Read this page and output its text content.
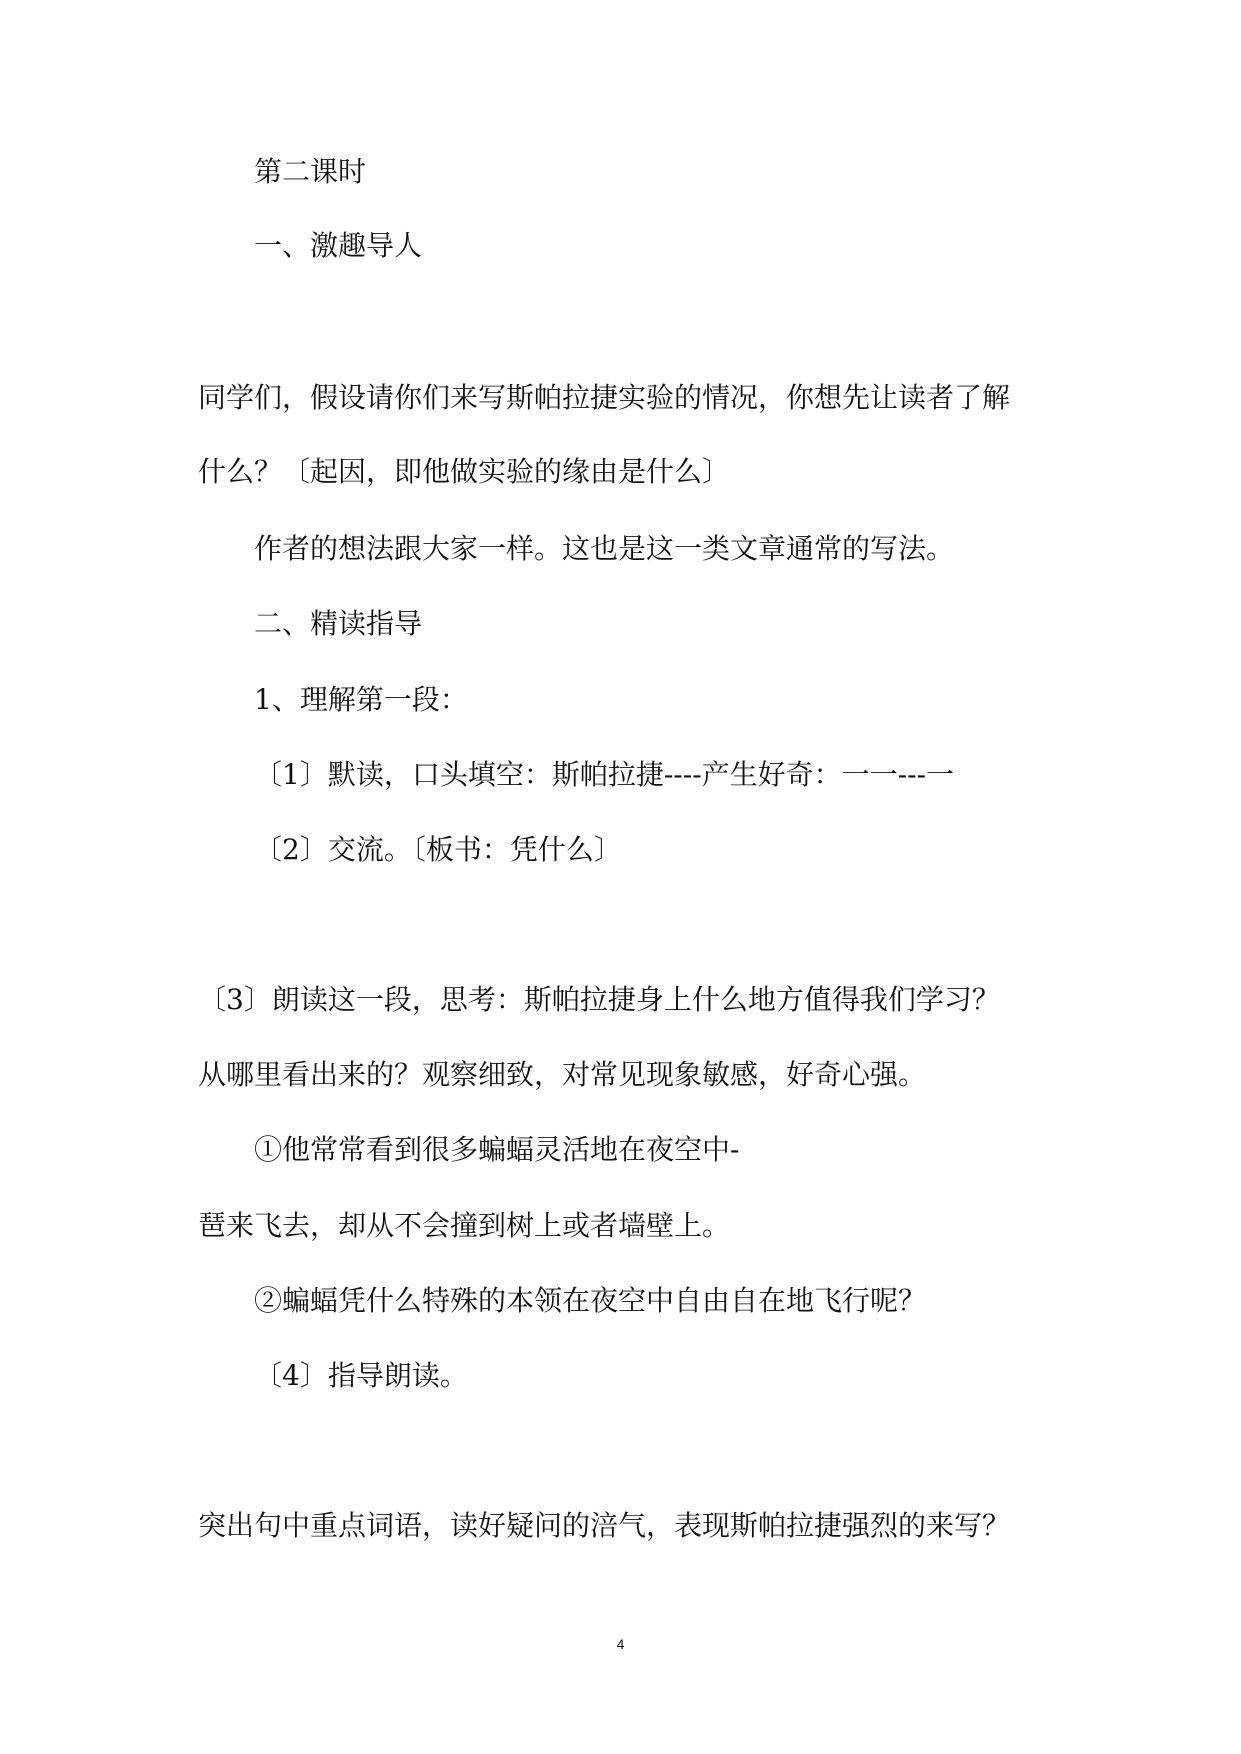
第二课时

一、激趣导人

同学们，假设请你们来写斯帕拉捷实验的情况，你想先让读者了解

什么？〔起因，即他做实验的缘由是什么〕

作者的想法跟大家一样。这也是这一类文章通常的写法。

二、精读指导

1、理解第一段：

〔1〕默读，口头填空：斯帕拉捷----产生好奇：一一---一

〔2〕交流。〔板书：凭什么〕

〔3〕朗读这一段，思考：斯帕拉捷身上什么地方值得我们学习？

从哪里看出来的？观察细致，对常见现象敏感，好奇心强。

①他常常看到很多蝙蝠灵活地在夜空中-

琶来飞去，却从不会撞到树上或者墙壁上。

②蝙蝠凭什么特殊的本领在夜空中自由自在地飞行呢？

〔4〕指导朗读。

突出句中重点词语，读好疑问的涪气，表现斯帕拉捷强烈的来写？

4
